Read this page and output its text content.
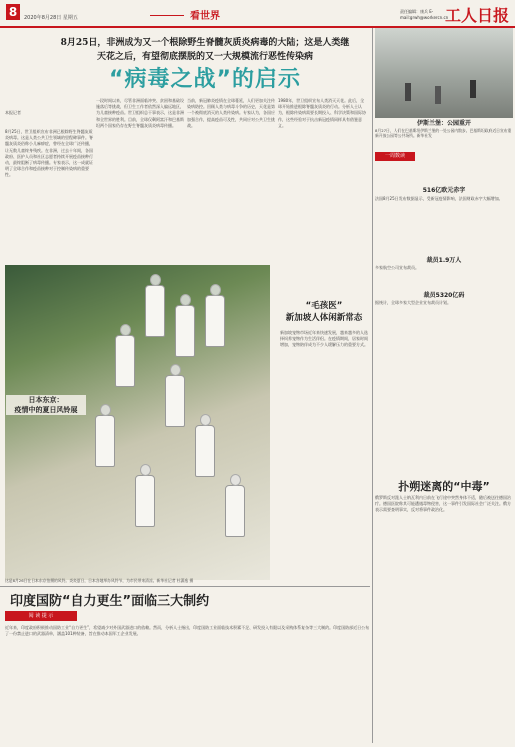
8	2020年8月28日 星期五	看世界	责任编辑：康兵 E-mail:grwh@workercn.cn
工人日报
8月25日，非洲成为又一个根除野生脊髓灰质炎病毒的大陆；这是人类继天花之后，有望彻底摆脱的又一大规模流行恶性传染病
“病毒之战”的启示

本报记者

8月25日，世卫组织宣布非洲已根除野生脊髓灰质炎病毒。这是人类公共卫生领域的里程碑事件。脊髓灰质炎俗称小儿麻痹症，曾经在全球广泛传播，让无数儿童终身残疾。在非洲，过去十年间，各国政府、医护人员和社区志愿者持续开展疫苗接种行动，最终阻断了病毒传播。专家表示，这一成就证明了全球合作和疫苗接种对于控制传染病的重要性。

一段时间以来，尽管非洲面临冲突、贫困和基础设施落后等挑战，但卫生工作者依然深入偏远地区，为儿童接种疫苗。世卫组织总干事表示，这是非洲和全世界的胜利。目前，全球仅剩阿富汗和巴基斯坦两个国家仍存在野生脊髓灰质炎病毒传播。
当前，新冠肺炎疫情在全球蔓延，人们更加关注传染病防控。回顾人类与病毒斗争的历史，天花是第一个被彻底消灭的人类传染病。专家认为，各国应加强合作，提高疫苗可及性，共同应对公共卫生挑战。
1980年，世卫组织宣布人类消灭天花。此后，全球开始推进根除脊髓灰质炎的行动。分析人士认为，根除传染病需要长期投入、科学决策和国际协作，这些经验对于抗击新冠疫情同样具有借鉴意义。
日本东京：
疫情中的夏日风铃展
这是8月26日在日本东京拍摄的风铃。炎炎夏日，日本各地举办风铃节，为市民带来清凉。新华社记者 杜潇逸 摄
“毛孩医”
新加坡人体闲新常态
新加坡宠物市场近年来快速发展，越来越多的人选择饲养宠物作为生活伴侣。在疫情期间，居家时间增加，宠物陪伴成为不少人缓解压力的重要方式。
印度国防“自力更生”面临三大制约
阅 读 提 示
近年来，印度政府积极推动国防工业“自力更生”，希望减少对外国武器进口的依赖。然而，分析人士指出，印度国防工业面临技术积累不足、研发投入有限以及采购体系复杂等三大制约。印度国防部近日公布了一份禁止进口的武器清单，涵盖101种装备，旨在推动本国军工企业发展。
伊斯兰堡：公园重开
8月27日，人们在巴基斯坦伊斯兰堡的一处公园内散步。巴基斯坦政府近日宣布重新开放公园等公共场所。新华社发
一周数读
516亿欧元赤字
法国8月25日发布数据显示，受新冠疫情影响，法国财政赤字大幅增加。
裁员5320亿码
据统计，全球多家大型企业宣布裁员计划。
裁员1.9万人
多家航空公司宣布裁员。
扑朔迷离的“中毒”
俄罗斯反对派人士纳瓦利内日前在飞行途中突然身体不适，随后被送往德国治疗。德国医院称其可能遭遇毒物侵害，这一事件引发国际社会广泛关注。俄方表示需要查明事实，反对将事件政治化。
